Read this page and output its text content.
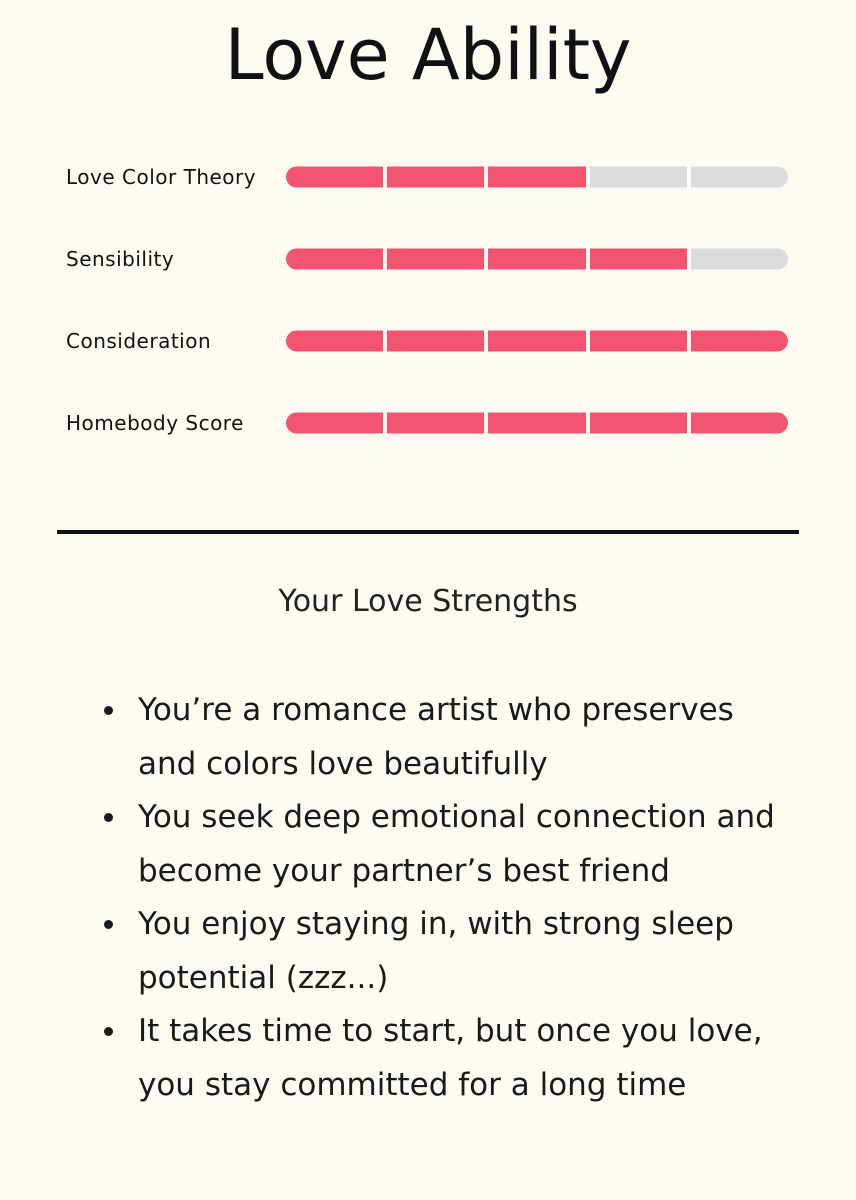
Love Ability
Love Color Theory
Sensibility
Consideration
Homebody Score
Your Love Strengths
You’re a romance artist who preserves and colors love beautifully
You seek deep emotional connection and become your partner’s best friend
You enjoy staying in, with strong sleep potential (zzz...)
It takes time to start, but once you love, you stay committed for a long time
